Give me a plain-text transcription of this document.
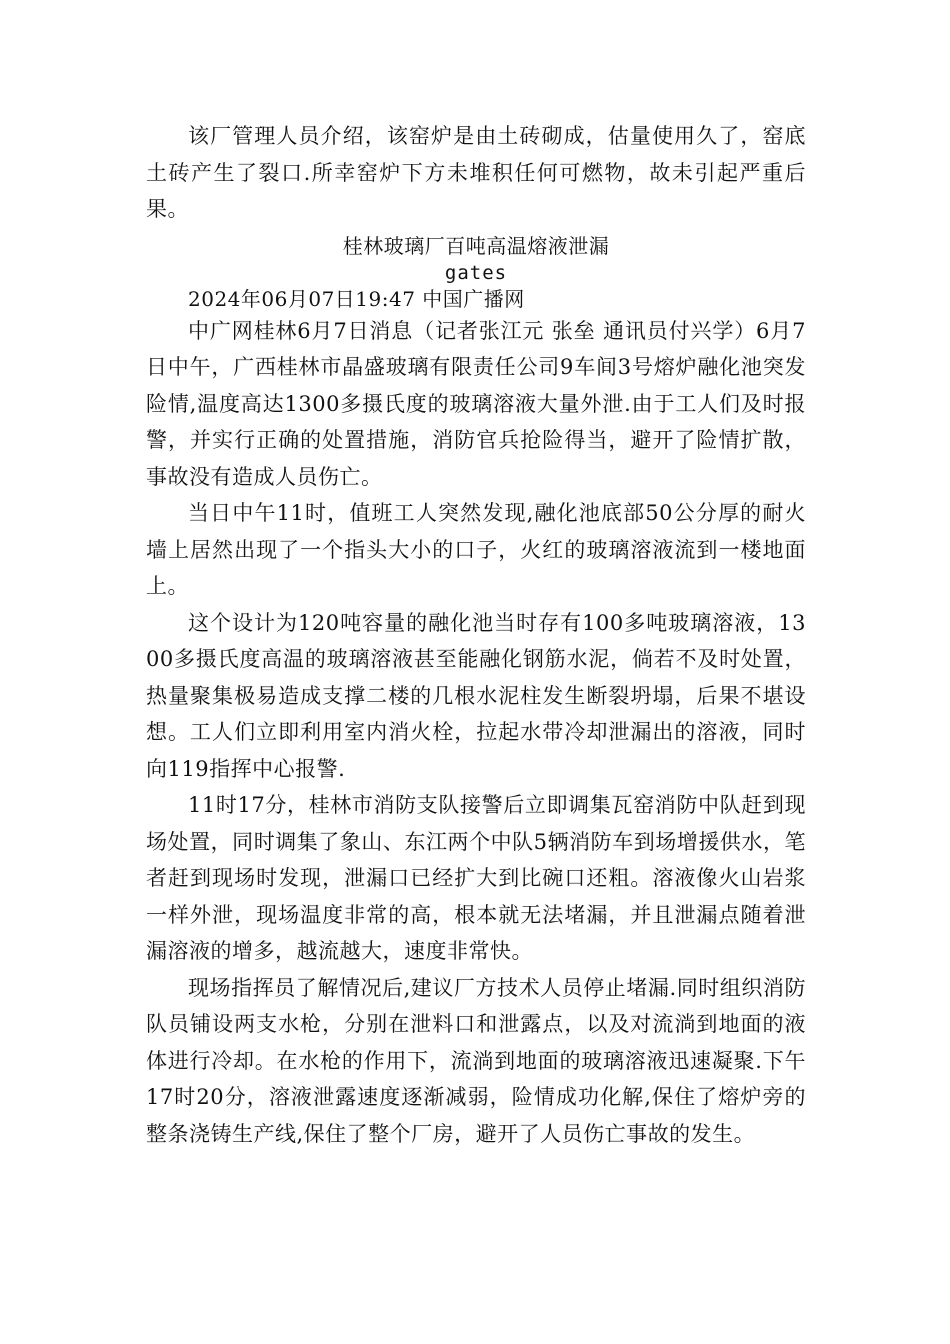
该厂管理人员介绍，该窑炉是由土砖砌成，估量使用久了，窑底土砖产生了裂口.所幸窑炉下方未堆积任何可燃物，故未引起严重后果。

桂林玻璃厂百吨高温熔液泄漏

gates

2024年06月07日19:47 中国广播网

中广网桂林6月7日消息（记者张江元 张垒 通讯员付兴学）6月7日中午，广西桂林市晶盛玻璃有限责任公司9车间3号熔炉融化池突发险情,温度高达1300多摄氏度的玻璃溶液大量外泄.由于工人们及时报警，并实行正确的处置措施，消防官兵抢险得当，避开了险情扩散，事故没有造成人员伤亡。

当日中午11时，值班工人突然发现,融化池底部50公分厚的耐火墙上居然出现了一个指头大小的口子，火红的玻璃溶液流到一楼地面上。

这个设计为120吨容量的融化池当时存有100多吨玻璃溶液，1300多摄氏度高温的玻璃溶液甚至能融化钢筋水泥，倘若不及时处置，热量聚集极易造成支撑二楼的几根水泥柱发生断裂坍塌，后果不堪设想。工人们立即利用室内消火栓，拉起水带冷却泄漏出的溶液，同时向119指挥中心报警.

11时17分，桂林市消防支队接警后立即调集瓦窑消防中队赶到现场处置，同时调集了象山、东江两个中队5辆消防车到场增援供水，笔者赶到现场时发现，泄漏口已经扩大到比碗口还粗。溶液像火山岩浆一样外泄，现场温度非常的高，根本就无法堵漏，并且泄漏点随着泄漏溶液的增多，越流越大，速度非常快。

现场指挥员了解情况后,建议厂方技术人员停止堵漏.同时组织消防队员铺设两支水枪，分别在泄料口和泄露点，以及对流淌到地面的液体进行冷却。在水枪的作用下，流淌到地面的玻璃溶液迅速凝聚.下午17时20分，溶液泄露速度逐渐减弱，险情成功化解,保住了熔炉旁的整条浇铸生产线,保住了整个厂房，避开了人员伤亡事故的发生。
